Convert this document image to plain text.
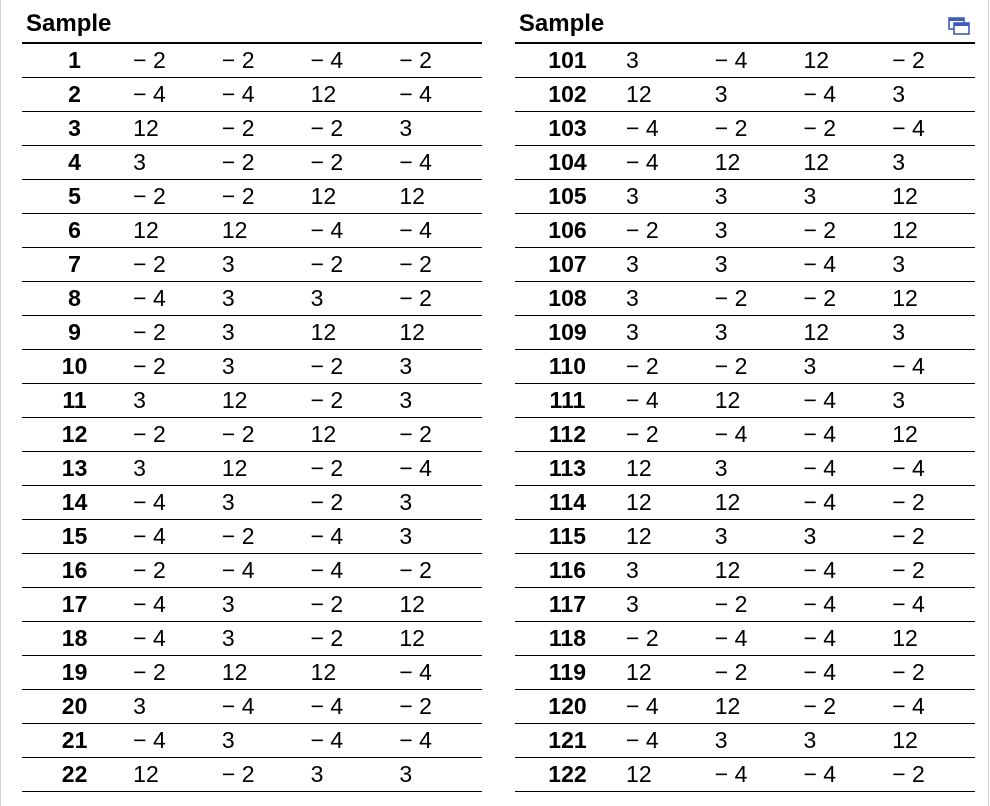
Sample						Sample				
1	− 2	− 2	− 4	− 2		101	3	− 4	12	− 2
2	− 4	− 4	12	− 4		102	12	3	− 4	3
3	12	− 2	− 2	3		103	− 4	− 2	− 2	− 4
4	3	− 2	− 2	− 4		104	− 4	12	12	3
5	− 2	− 2	12	12		105	3	3	3	12
6	12	12	− 4	− 4		106	− 2	3	− 2	12
7	− 2	3	− 2	− 2		107	3	3	− 4	3
8	− 4	3	3	− 2		108	3	− 2	− 2	12
9	− 2	3	12	12		109	3	3	12	3
10	− 2	3	− 2	3		110	− 2	− 2	3	− 4
11	3	12	− 2	3		111	− 4	12	− 4	3
12	− 2	− 2	12	− 2		112	− 2	− 4	− 4	12
13	3	12	− 2	− 4		113	12	3	− 4	− 4
14	− 4	3	− 2	3		114	12	12	− 4	− 2
15	− 4	− 2	− 4	3		115	12	3	3	− 2
16	− 2	− 4	− 4	− 2		116	3	12	− 4	− 2
17	− 4	3	− 2	12		117	3	− 2	− 4	− 4
18	− 4	3	− 2	12		118	− 2	− 4	− 4	12
19	− 2	12	12	− 4		119	12	− 2	− 4	− 2
20	3	− 4	− 4	− 2		120	− 4	12	− 2	− 4
21	− 4	3	− 4	− 4		121	− 4	3	3	12
22	12	− 2	3	3		122	12	− 4	− 4	− 2
